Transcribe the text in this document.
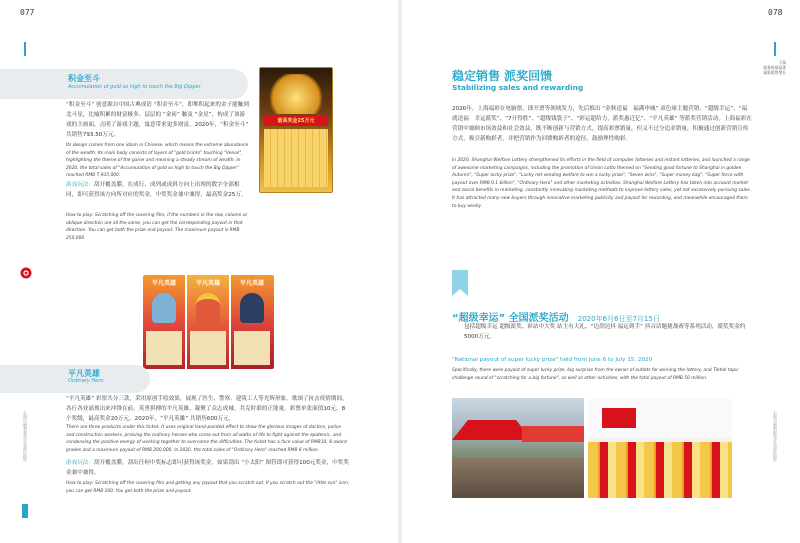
077
积金至斗
Accumulation of gold so high to touch the Big Dipper
“积金至斗” 创意源自中国古典成语 “积金至斗”，即堆积起来的金子能触到北斗星，比喻积累的财富极多。层层的 “金砖” 触及 “金星”，构成了该游戏的主画面，点明了游戏主题，寓意带来更多财富。2020年，“积金至斗” 共销售793.50万元。
Its design comes from one idiom in Chinese, which means the extreme abundance of the wealth. Its main body consists of layers of "gold bricks" touching "Venus", highlighting the theme of the game and meaning a steady stream of wealth. In 2020, the total sales of "Accumulation of gold so high to touch the Big Dipper" reached RMB 7.935,000.
游戏玩法：刮开覆盖膜，在成行、成列或成斜方向上出现的数字全部相同，即可获得该方向所对应的奖金，中奖奖金兼中兼得，最高奖金25万。
How to play: Scratching off the covering film, if the numbers in the row, column or oblique direction are all the same, you can get the corresponding payout in that direction. You can get both the prize and payout. The maximum payout is RMB 250,000.
最高奖金25万元
平凡英雄	平凡英雄	平凡英雄
平凡英雄
Ordinary Hero
“平凡英雄” 彩票共分三款，采用原创手绘效果，展现了医生、警察、建筑工人等光辉形象，歌颂了抗击疫情期间，各行各业涌现出来冲锋在前，英勇拼搏的平凡英雄，凝聚了众志成城、共克时艰的正能量。彩票单张面值10元，8个奖级，最高奖金20万元。2020年，“平凡英雄” 共销售600万元。
There are three products under this ticket. It uses original hand-painted effect to show the glorious images of doctors, police and construction workers, praising the ordinary heroes who come out from all walks of life to fight against the epidemic, and condensing the positive energy of working together to overcome the difficulties. The ticket has a face value of RMB10, 8 award grades and a maximum payout of RMB 200,000. In 2020, the total sales of "Ordinary Hero" reached RMB 6 million.
游戏玩法：刮开覆盖膜，刮出任何中奖标志即可获得该奖金，如果刮出 “小太阳” 图符即可获得100元奖金，中奖奖金兼中兼得。
How to play: Scratching off the covering film and getting any payout that you scratch out. If you scratch out the "little sun" icon, you can get RMB 100. You get both the prize and payout.
上海市福利彩票社会责任报告
078
下篇
服务热情高涨
福彩销售增长
稳定销售 派奖回馈
Stabilizing sales and rewarding
2020年，上海福彩在电脑票、即开票等领域发力，先后推出 “金秋送福　福满申城” 双色球主题营销、“超级幸运”、“福就送福　幸运派奖”、“7开得胜”、“超级钱袋子”、“彩运超给力，派奖惠迁亿”、“平凡英雄” 等派奖营销活动。上海福彩在营销中兼顾市场效益和社会效益，既不断创新与营销方式，提高彩票销量，但又不过分追求销量，积极通过创新营销宣传方式，吸引新购彩者，并把营销作为回馈购彩者的途径，鼓励理性购彩。
In 2020, Shanghai Welfare Lottery strengthened its efforts in the field of computer lotteries and instant lotteries, and launched a range of awesome marketing campaigns, including the promotion of Union Lotto themed on "Sending good fortune to Shanghai in golden Autumn", "Super lucky prize", "Lucky net sending welfare to win a lucky prize", "Seven wins", "Super money bag", "Super force with payout over RMB 0.1 billion", "Ordinary Hero" and other marketing activities. Shanghai Welfare Lottery has taken into account market and social benefits in marketing, constantly innovating marketing methods to improve lottery sales, yet not excessively pursuing sales. It has attracted many new buyers through innovative marketing publicity and payout for rewarding, and meanwhile encouraged them to buy wisely.
“超级幸运” 全国派奖活动 2020年6月6日至7月15日
包括超级幸运 超级派奖、彩站中大奖 站主有大礼、“边刮边抖 福运到手” 抖音话题挑战赛等系列活动，派奖奖金约5000万元。
"National payout of super lucky prize" held from June 6 to July 15, 2020
Specifically, there were payout of super lucky prize, big surprise from the owner of outlets for winning the lottery, and Tiktok topic challenge round of "scratching for a big fortune", as well as other activities, with the total payout of RMB 50 million.
上海市福利彩票社会责任报告
